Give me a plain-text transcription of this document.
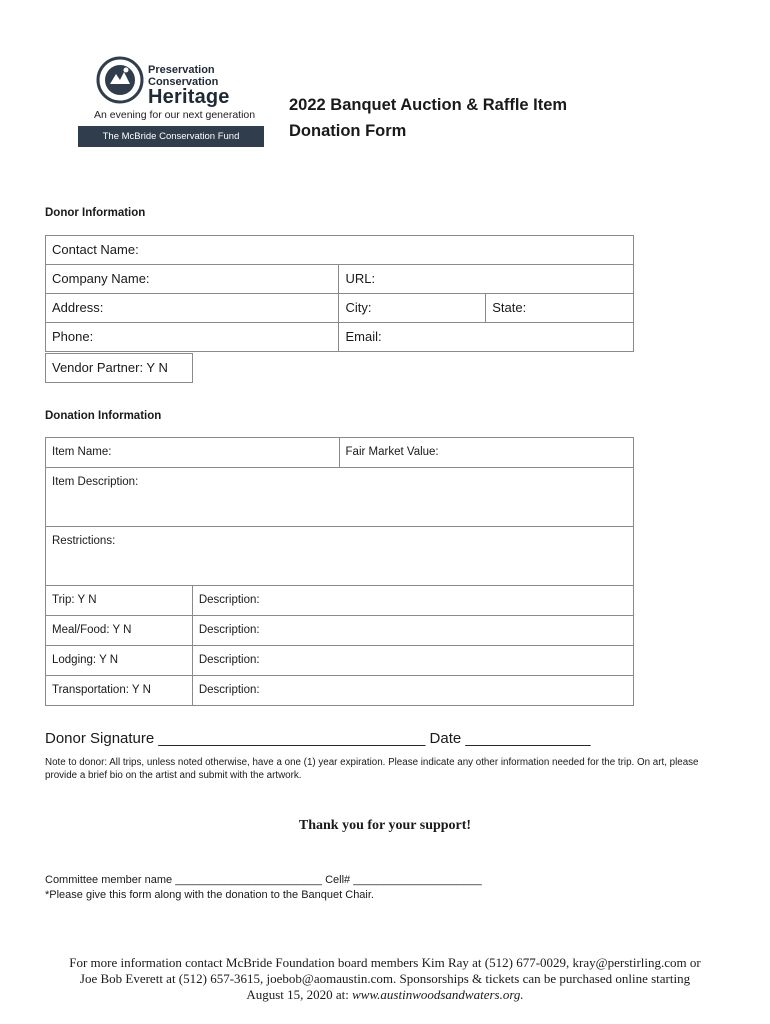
Preservation
Conservation
Heritage
An evening for our next generation
The McBride Conservation Fund Foundation
2022 Banquet Auction & Raffle Item
Donation Form
Donor Information
Contact Name:		
Company Name:	URL:	
Address:	City:	State:
Phone:	Email:	
Vendor Partner: Y N
Donation Information
Item Name:		Fair Market Value:
Item Description:		
Restrictions:		
Trip: Y N	Description:	
Meal/Food: Y N	Description:	
Lodging: Y N	Description:	
Transportation: Y N	Description:	
Donor Signature ________________________________ Date _______________
Note to donor: All trips, unless noted otherwise, have a one (1) year expiration. Please indicate any other information needed for the trip. On art, please provide a brief bio on the artist and submit with the artwork.
Thank you for your support!
Committee member name ________________________ Cell# _____________________
*Please give this form along with the donation to the Banquet Chair.
For more information contact McBride Foundation board members Kim Ray at (512) 677-0029, kray@perstirling.com or
Joe Bob Everett at (512) 657-3615, joebob@aomaustin.com. Sponsorships & tickets can be purchased online starting
August 15, 2020 at: www.austinwoodsandwaters.org.
